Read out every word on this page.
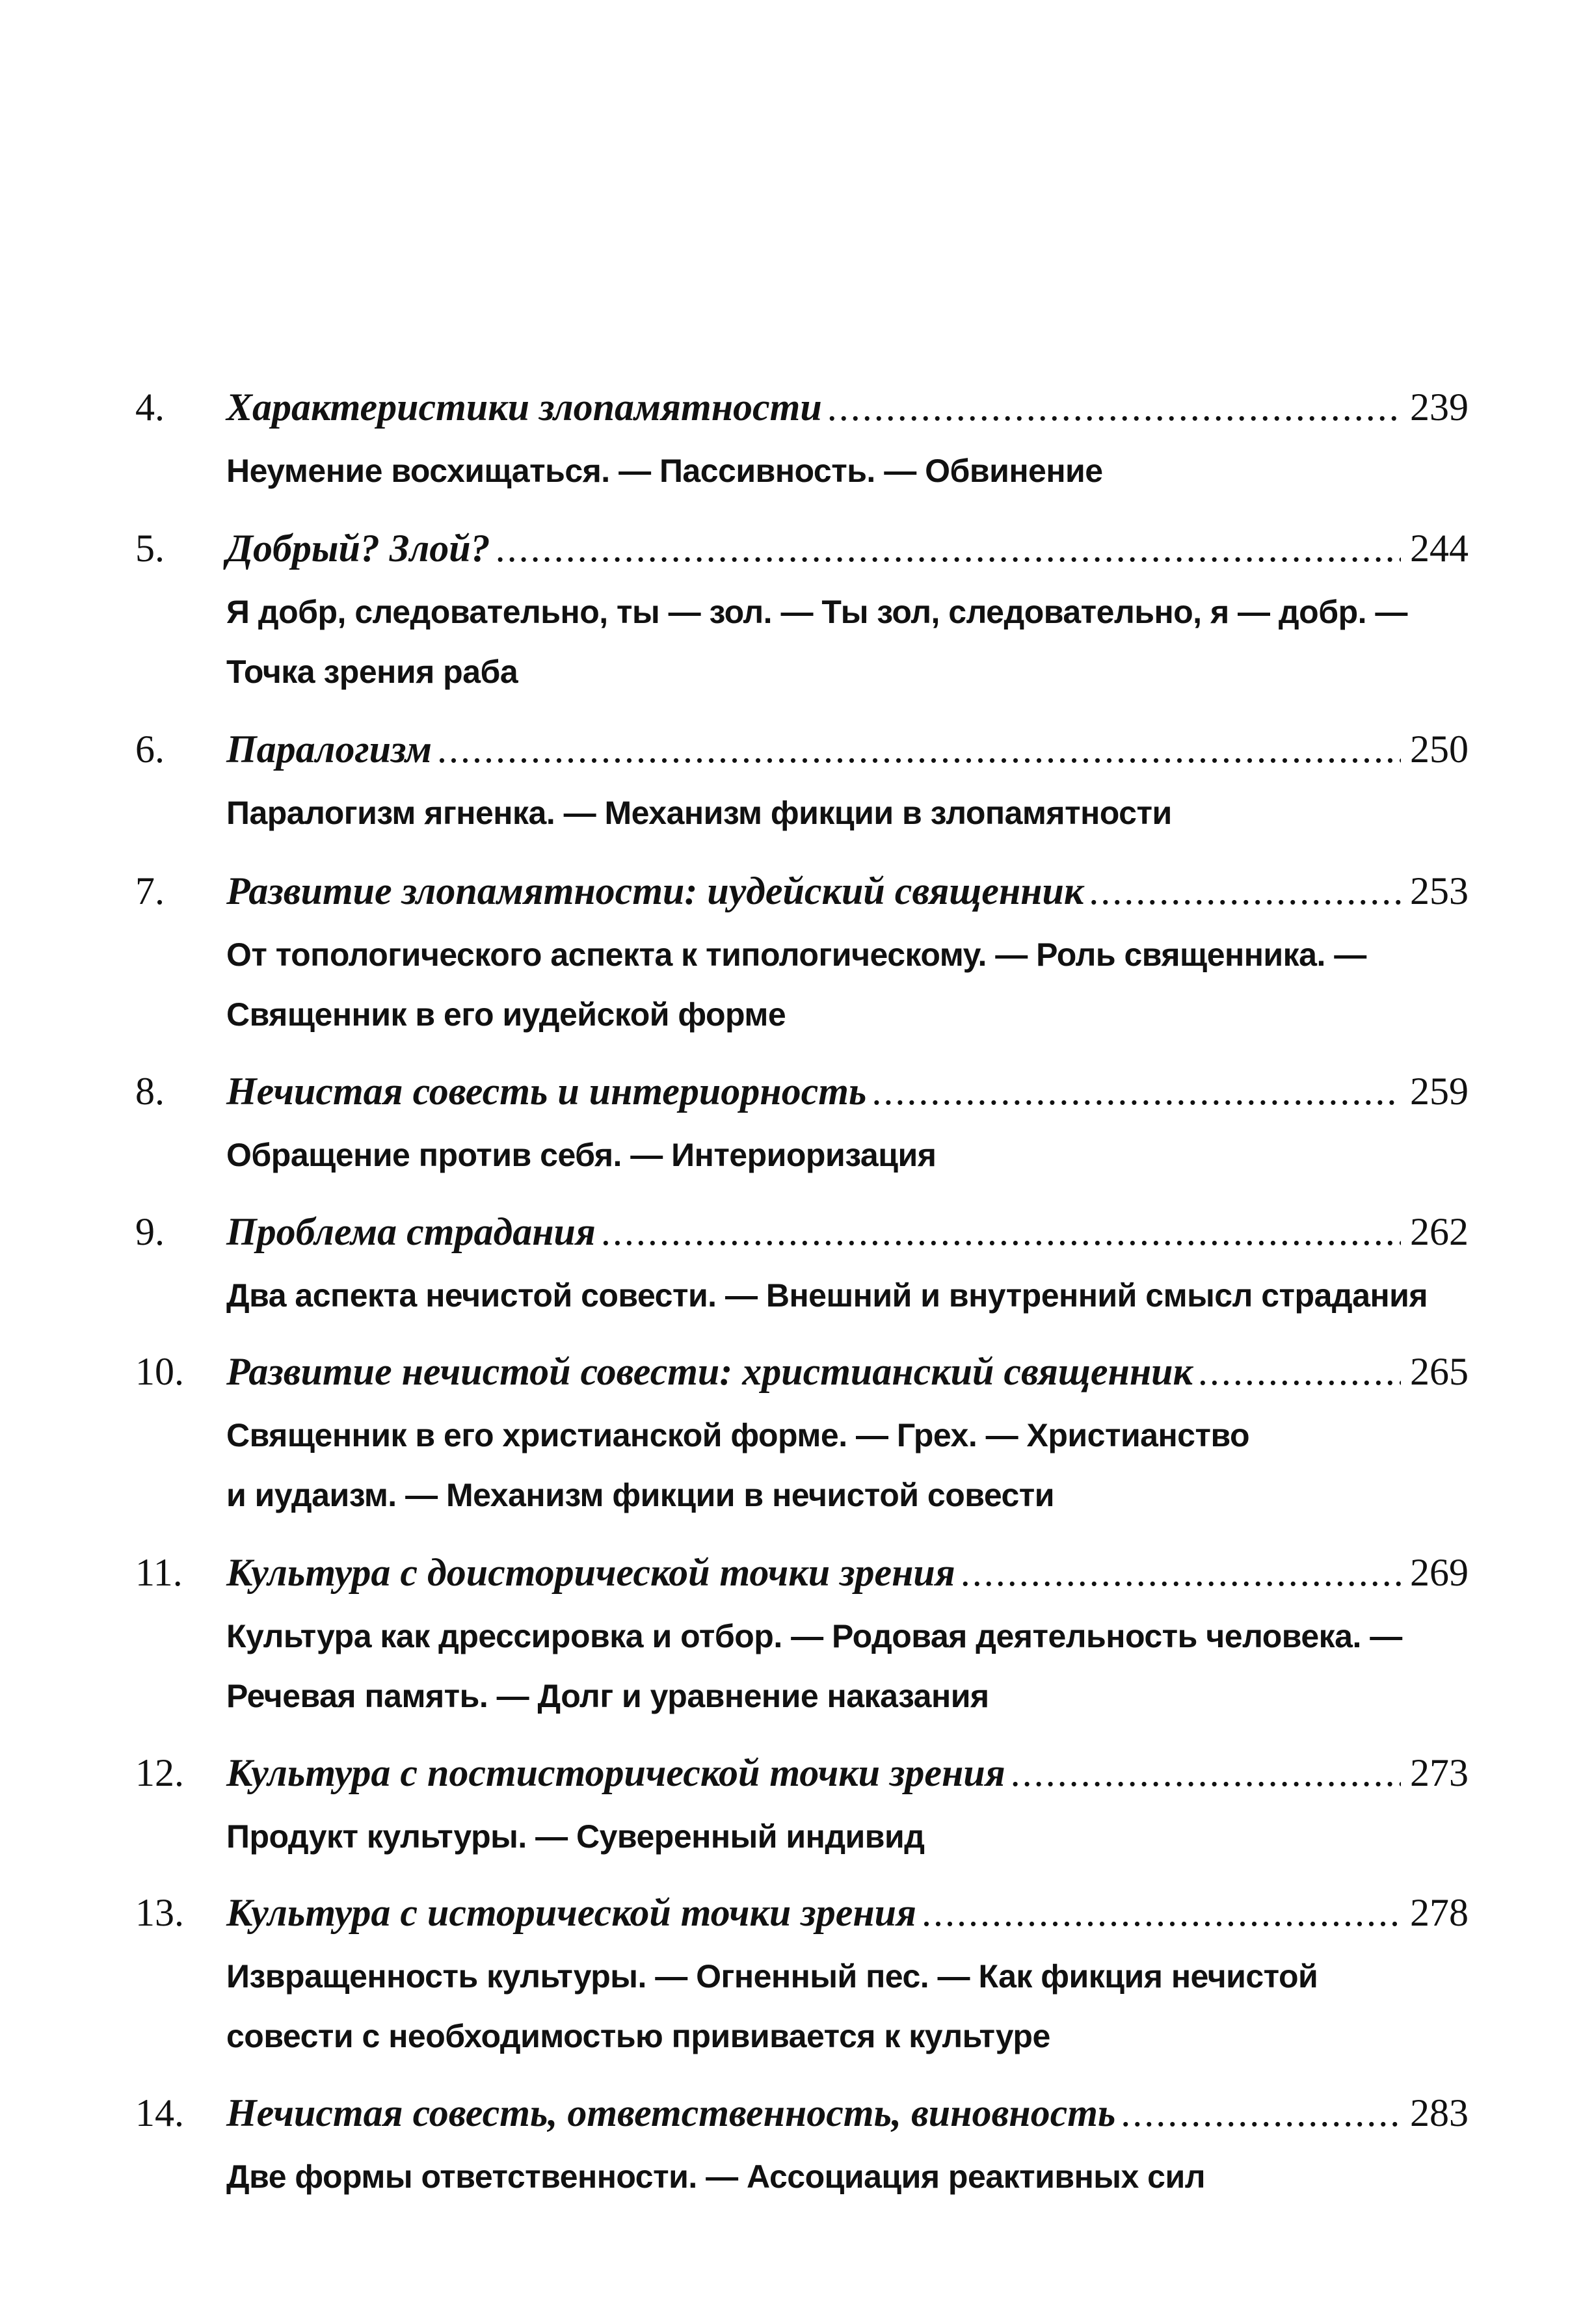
4. Характеристики злопамятности .....	239
Неумение восхищаться. — Пассивность. — Обвинение
5. Добрый? Злой? .....	244
Я добр, следовательно, ты — зол. — Ты зол, следовательно, я — добр. —
Точка зрения раба
6. Паралогизм .....	250
Паралогизм ягненка. — Механизм фикции в злопамятности
7. Развитие злопамятности: иудейский священник .....	253
От топологического аспекта к типологическому. — Роль священника. —
Священник в его иудейской форме
8. Нечистая совесть и интериорность .....	259
Обращение против себя. — Интериоризация
9. Проблема страдания .....	262
Два аспекта нечистой совести. — Внешний и внутренний смысл страдания
10. Развитие нечистой совести: христианский священник .....	265
Священник в его христианской форме. — Грех. — Христианство
и иудаизм. — Механизм фикции в нечистой совести
11. Культура с доисторической точки зрения .....	269
Культура как дрессировка и отбор. — Родовая деятельность человека. —
Речевая память. — Долг и уравнение наказания
12. Культура с постисторической точки зрения .....	273
Продукт культуры. — Суверенный индивид
13. Культура с исторической точки зрения .....	278
Извращенность культуры. — Огненный пес. — Как фикция нечистой
совести с необходимостью прививается к культуре
14. Нечистая совесть, ответственность, виновность .....	283
Две формы ответственности. — Ассоциация реактивных сил
